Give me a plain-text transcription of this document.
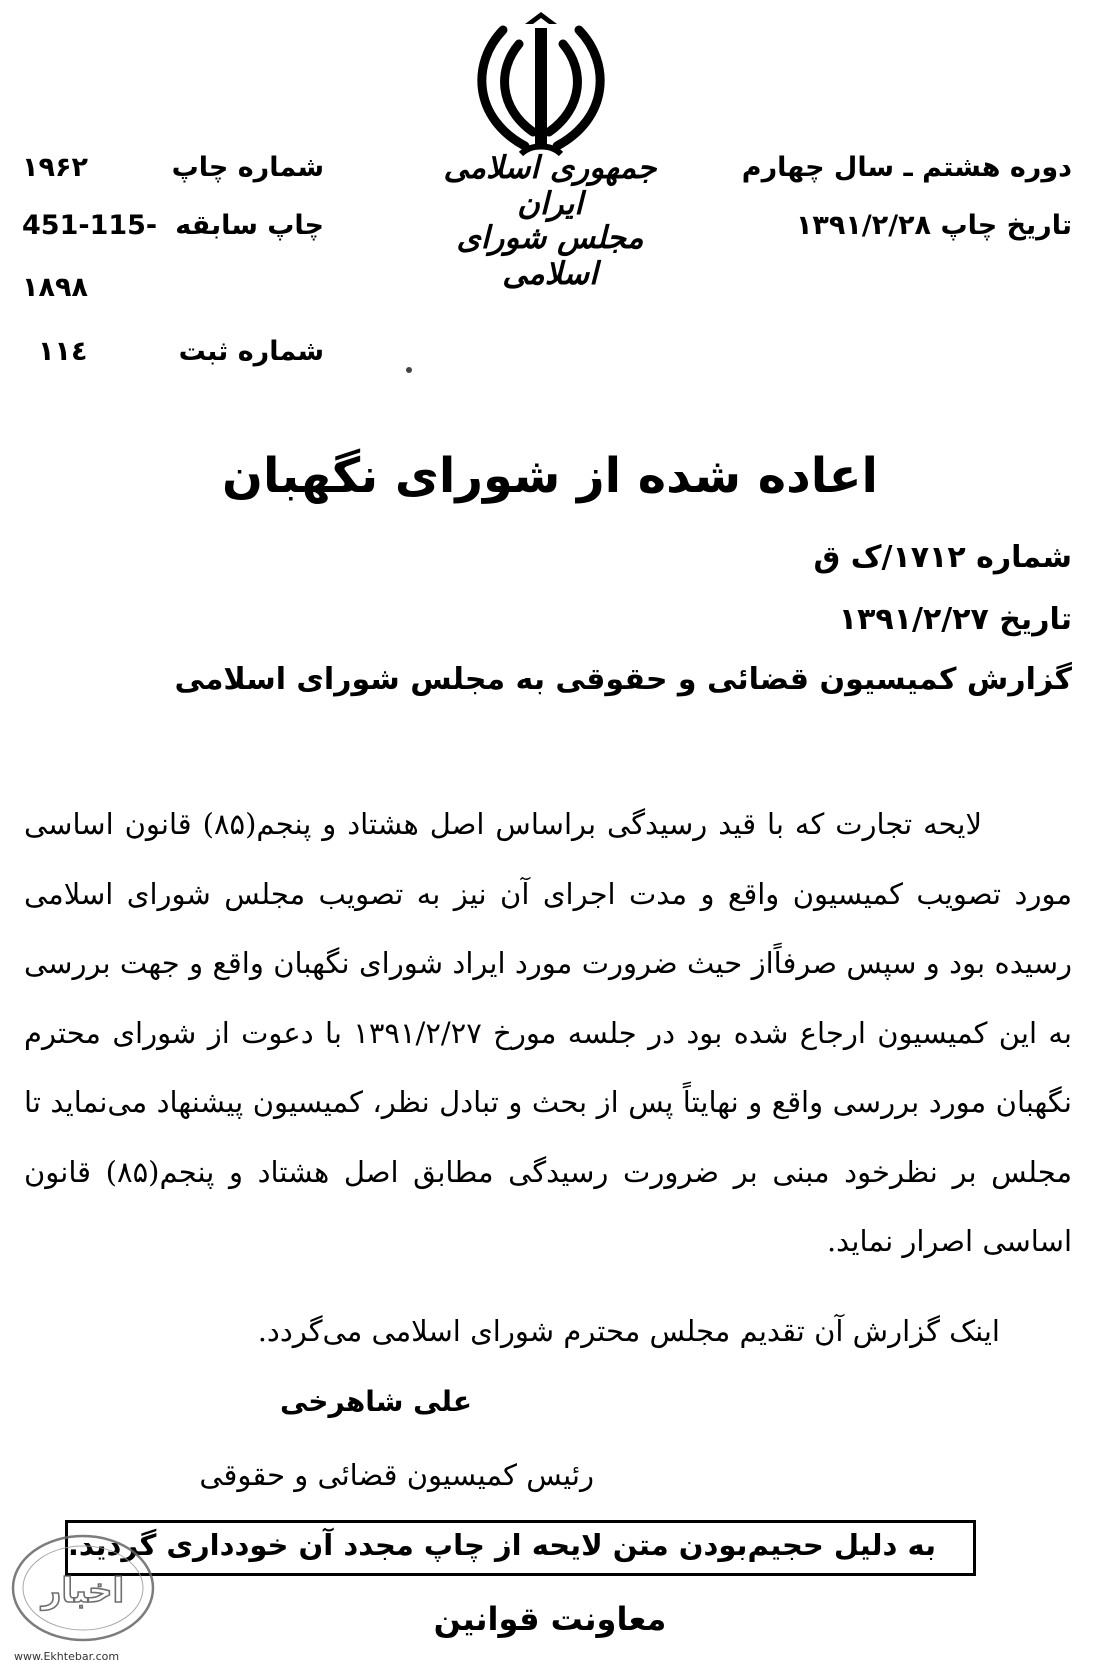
جمهوری اسلامی ایران
مجلس شورای اسلامی
دوره هشتم ـ سال چهارم
تاریخ چاپ ۱۳۹۱/۲/۲۸
شماره چاپ
۱۹۶۲
چاپ سابقه
451-115-
۱۸۹۸
شماره ثبت
۱۱٤
اعاده شده از شورای نگهبان
شماره ۱۷۱۲/ک ق
تاریخ ۱۳۹۱/۲/۲۷
گزارش کمیسیون قضائی و حقوقی به مجلس شورای اسلامی

لایحه تجارت که با قید رسیدگی براساس اصل هشتاد و پنجم(۸۵) قانون اساسی مورد تصویب کمیسیون واقع و مدت اجرای آن نیز به تصویب مجلس شورای اسلامی رسیده بود و سپس صرفاًاز حیث ضرورت مورد ایراد شورای نگهبان واقع و جهت بررسی به این کمیسیون ارجاع شده بود در جلسه مورخ ۱۳۹۱/۲/۲۷ با دعوت از شورای محترم نگهبان مورد بررسی واقع و نهایتاً پس از بحث و تبادل نظر، کمیسیون پیشنهاد می‌نماید تا مجلس بر نظرخود مبنی بر ضرورت رسیدگی مطابق اصل هشتاد و پنجم(۸۵) قانون اساسی اصرار نماید.

اینک گزارش آن تقدیم مجلس محترم شورای اسلامی می‌گردد.
علی شاهرخی
رئیس کمیسیون قضائی و حقوقی
به دلیل حجیم‌بودن متن لایحه از چاپ مجدد آن خودداری گردید.
معاونت قوانین
اخبار
www.Ekhtebar.com
